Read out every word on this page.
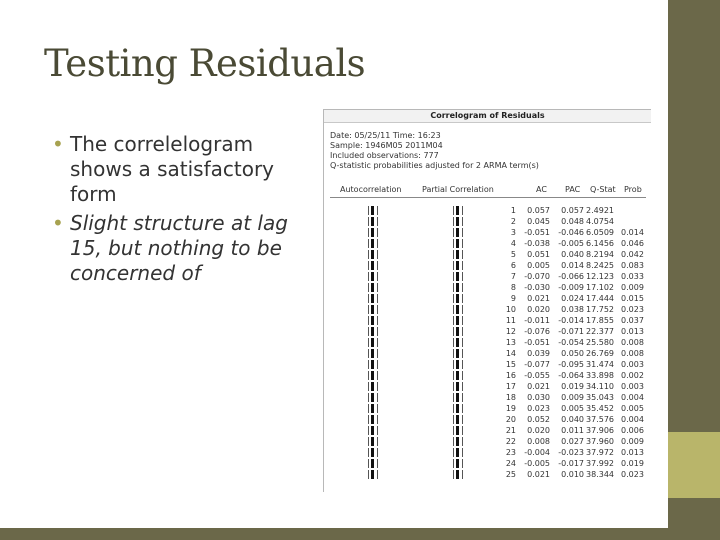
Testing Residuals
• The correlelogram shows a satisfactory form
• Slight structure at lag 15, but nothing to be concerned of
Correlogram of Residuals
Date: 05/25/11 Time: 16:23
Sample: 1946M05 2011M04
Included observations: 777
Q-statistic probabilities adjusted for 2 ARMA term(s)
Autocorrelation	Partial Correlation	AC PAC Q-Stat Prob
1	0.057	0.057 2.4921
2	0.045	0.048 4.0754
3	-0.051	-0.046 6.0509 0.014
4	-0.038	-0.005 6.1456 0.046
5	0.051	0.040 8.2194 0.042
6	0.005	0.014 8.2425 0.083
7	-0.070	-0.066 12.123 0.033
8	-0.030	-0.009 17.102 0.009
9	0.021	0.024 17.444 0.015
10	0.020	0.038 17.752 0.023
11	-0.011	-0.014 17.855 0.037
12	-0.076	-0.071 22.377 0.013
13	-0.051	-0.054 25.580 0.008
14	0.039	0.050 26.769 0.008
15	-0.077	-0.095 31.474 0.003
16	-0.055	-0.064 33.898 0.002
17	0.021	0.019 34.110 0.003
18	0.030	0.009 35.043 0.004
19	0.023	0.005 35.452 0.005
20	0.052	0.040 37.576 0.004
21	0.020	0.011 37.906 0.006
22	0.008	0.027 37.960 0.009
23	-0.004	-0.023 37.972 0.013
24	-0.005	-0.017 37.992 0.019
25	0.021	0.010 38.344 0.023
